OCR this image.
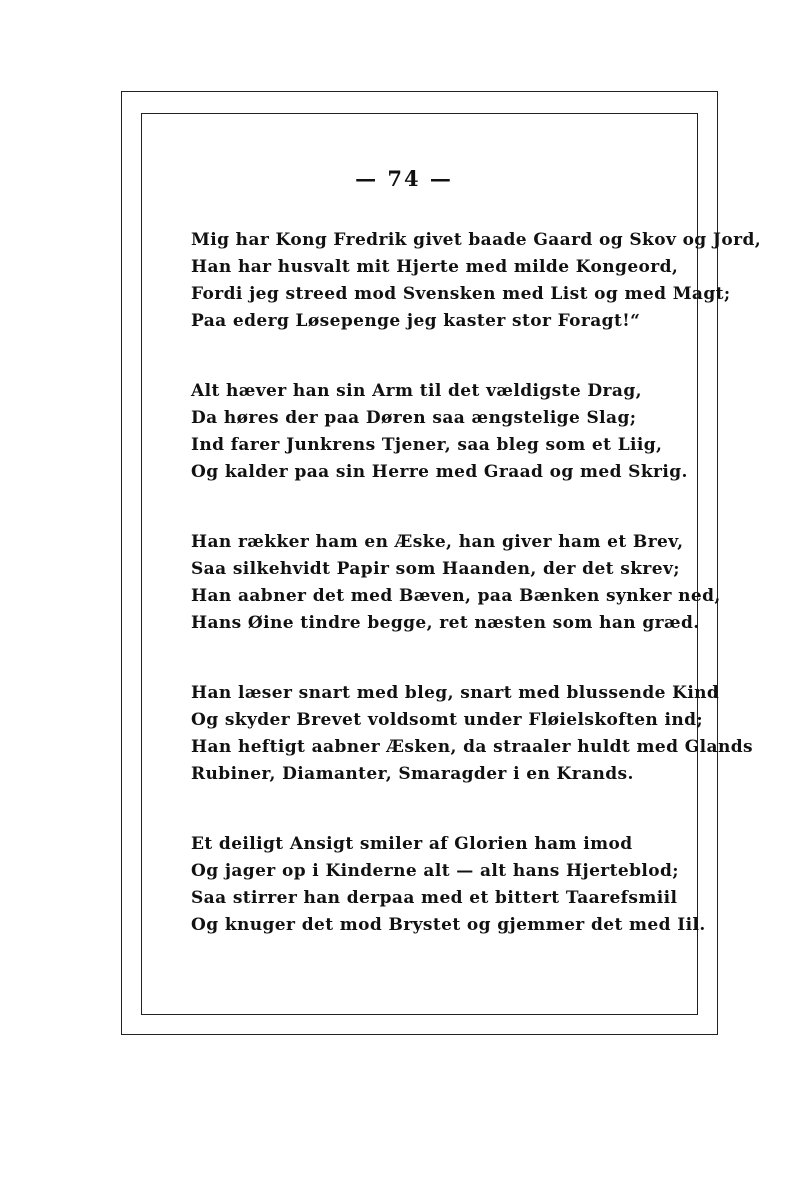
— 74 —
Mig har Kong Fredrik givet baade Gaard og Skov og Jord,
Han har husvalt mit Hjerte med milde Kongeord,
Fordi jeg streed mod Svensken med List og med Magt;
Paa ederg Løsepenge jeg kaster stor Foragt!“
Alt hæver han sin Arm til det vældigste Drag,
Da høres der paa Døren saa ængstelige Slag;
Ind farer Junkrens Tjener, saa bleg som et Liig,
Og kalder paa sin Herre med Graad og med Skrig.
Han rækker ham en Æske, han giver ham et Brev,
Saa silkehvidt Papir som Haanden, der det skrev;
Han aabner det med Bæven, paa Bænken synker ned,
Hans Øine tindre begge, ret næsten som han græd.
Han læser snart med bleg, snart med blussende Kind
Og skyder Brevet voldsomt under Fløielskoften ind;
Han heftigt aabner Æsken, da straaler huldt med Glands
Rubiner, Diamanter, Smaragder i en Krands.
Et deiligt Ansigt smiler af Glorien ham imod
Og jager op i Kinderne alt — alt hans Hjerteblod;
Saa stirrer han derpaa med et bittert Taarefsmiil
Og knuger det mod Brystet og gjemmer det med Iil.
